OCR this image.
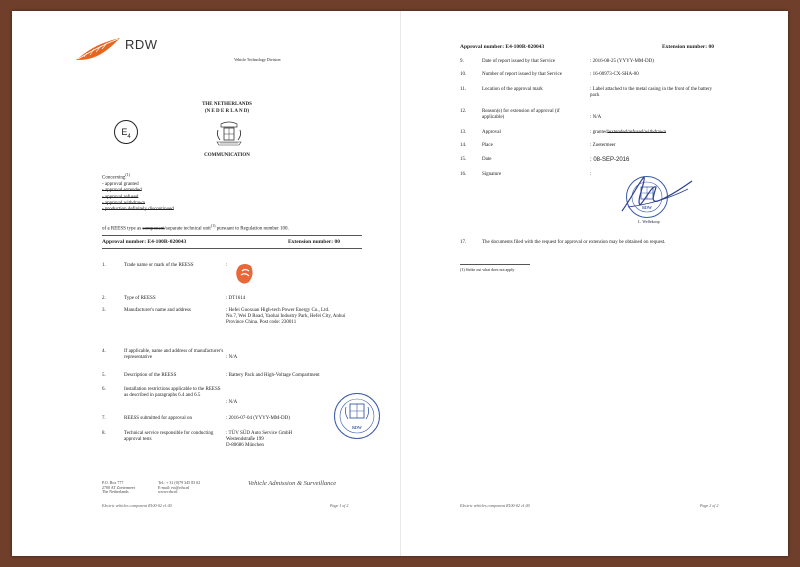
RDW
Vehicle Technology Division
THE NETHERLANDS
(N E D E R L A N D)
$E_4$
COMMUNICATION
Concerning$^{(1)}$
- approval granted
- approval extended
- approval refused
- approval withdrawn
- production definitely discontinued
of a REESS type as component/separate technical unit$^{(1)}$ pursuant to Regulation number 100.
Approval number: E4-100R-020043	Extension number: 00
1.	Trade name or mark of the REESS	:
2.	Type of REESS	: DT1614
3.	Manufacturer's name and address	: Hefei Guoxuan High-tech Power Energy Co., Ltd.
No.7, Wei D Road, Yaohai Industry Park, Hefei City, Anhui Province China. Post code: 230011
4.	If applicable, name and address of manufacturer's representative	: N/A
5.	Description of the REESS	: Battery Pack and High-Voltage Compartment
6.	Installation restrictions applicable to the REESS as described in paragraphs 6.4 and 6.5
: N/A
7.	REESS submitted for approval on	: 2016-07-04 (YYYY-MM-DD)
8.	Technical service responsible for conducting approval tests
: TÜV SÜD Auto Service GmbH
Westendstraße 199
D-80686 München
RDW
P.O. Box 777
2700 AT Zoetermeer
The Netherlands
Tel.: + 31 (0)79 345 83 02
E-mail: rvi@rdw.nl
www.rdw.nl
Vehicle Admission & Surveillance
Electric vehicles component R100-02 v1.00	Page 1 of 2
Approval number: E4-100R-020043	Extension number: 00
9.	Date of report issued by that Service	: 2016-08-25 (YYYY-MM-DD)
10.	Number of report issued by that Service	: 16-00973-CX-SHA-00
11.	Location of the approval mark	: Label attached to the metal casing in the front of the battery pack
12.	Reason(s) for extension of approval (if applicable)	: N/A
13.	Approval	: granted/extended/refused/withdrawn
14.	Place	: Zoetermeer
15.	Date	: 08-SEP-2016
16.	Signature	:
RDW
L. Wellekoop
17.	The documents filed with the request for approval or extension may be obtained on request.
(1) Strike out what does not apply
Electric vehicles component R100-02 v1.00	Page 2 of 2
